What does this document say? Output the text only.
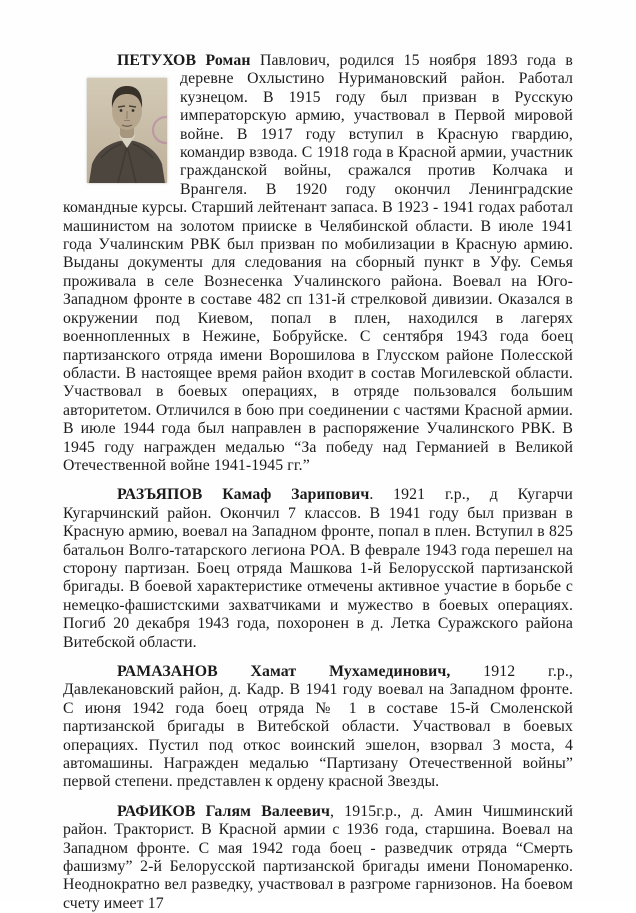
ПЕТУХОВ Роман Павлович, родился 15 ноября 1893 года в деревне Охлыстино Нуримановский район. Работал кузнецом. В 1915 году был призван в Русскую императорскую армию, участвовал в Первой мировой войне. В 1917 году вступил в Красную гвардию, командир взвода. С 1918 года в Красной армии, участник гражданской войны, сражался против Колчака и Врангеля. В 1920 году окончил Ленинградские командные курсы. Старший лейтенант запаса. В 1923 - 1941 годах работал машинистом на золотом прииске в Челябинской области. В июле 1941 года Учалинским РВК был призван по мобилизации в Красную армию. Выданы документы для следования на сборный пункт в Уфу. Семья проживала в селе Вознесенка Учалинского района. Воевал на Юго-Западном фронте в составе 482 сп 131-й стрелковой дивизии. Оказался в окружении под Киевом, попал в плен, находился в лагерях военнопленных в Нежине, Бобруйске. С сентября 1943 года боец партизанского отряда имени Ворошилова в Глусском районе Полесской области. В настоящее время район входит в состав Могилевской области. Участвовал в боевых операциях, в отряде пользовался большим авторитетом. Отличился в бою при соединении с частями Красной армии. В июле 1944 года был направлен в распоряжение Учалинского РВК. В 1945 году награжден медалью “За победу над Германией в Великой Отечественной войне 1941-1945 гг.”

РАЗЪЯПОВ Камаф Зарипович. 1921 г.р., д Кугарчи Кугарчинский район. Окончил 7 классов. В 1941 году был призван в Красную армию, воевал на Западном фронте, попал в плен. Вступил в 825 батальон Волго-татарского легиона РОА. В феврале 1943 года перешел на сторону партизан. Боец отряда Машкова 1-й Белорусской партизанской бригады. В боевой характеристике отмечены активное участие в борьбе с немецко-фашистскими захватчиками и мужество в боевых операциях. Погиб 20 декабря 1943 года, похоронен в д. Летка Суражского района Витебской области.

РАМАЗАНОВ Хамат Мухамединович, 1912 г.р., Давлекановский район, д. Кадр. В 1941 году воевал на Западном фронте. С июня 1942 года боец отряда № 1 в составе 15-й Смоленской партизанской бригады в Витебской области. Участвовал в боевых операциях. Пустил под откос воинский эшелон, взорвал 3 моста, 4 автомашины. Награжден медалью “Партизану Отечественной войны” первой степени. представлен к ордену красной Звезды.

РАФИКОВ Галям Валеевич, 1915г.р., д. Амин Чишминский район. Тракторист. В Красной армии с 1936 года, старшина. Воевал на Западном фронте. С мая 1942 года боец - разведчик отряда “Смерть фашизму” 2-й Белорусской партизанской бригады имени Пономаренко. Неоднократно вел разведку, участвовал в разгроме гарнизонов. На боевом счету имеет 17
